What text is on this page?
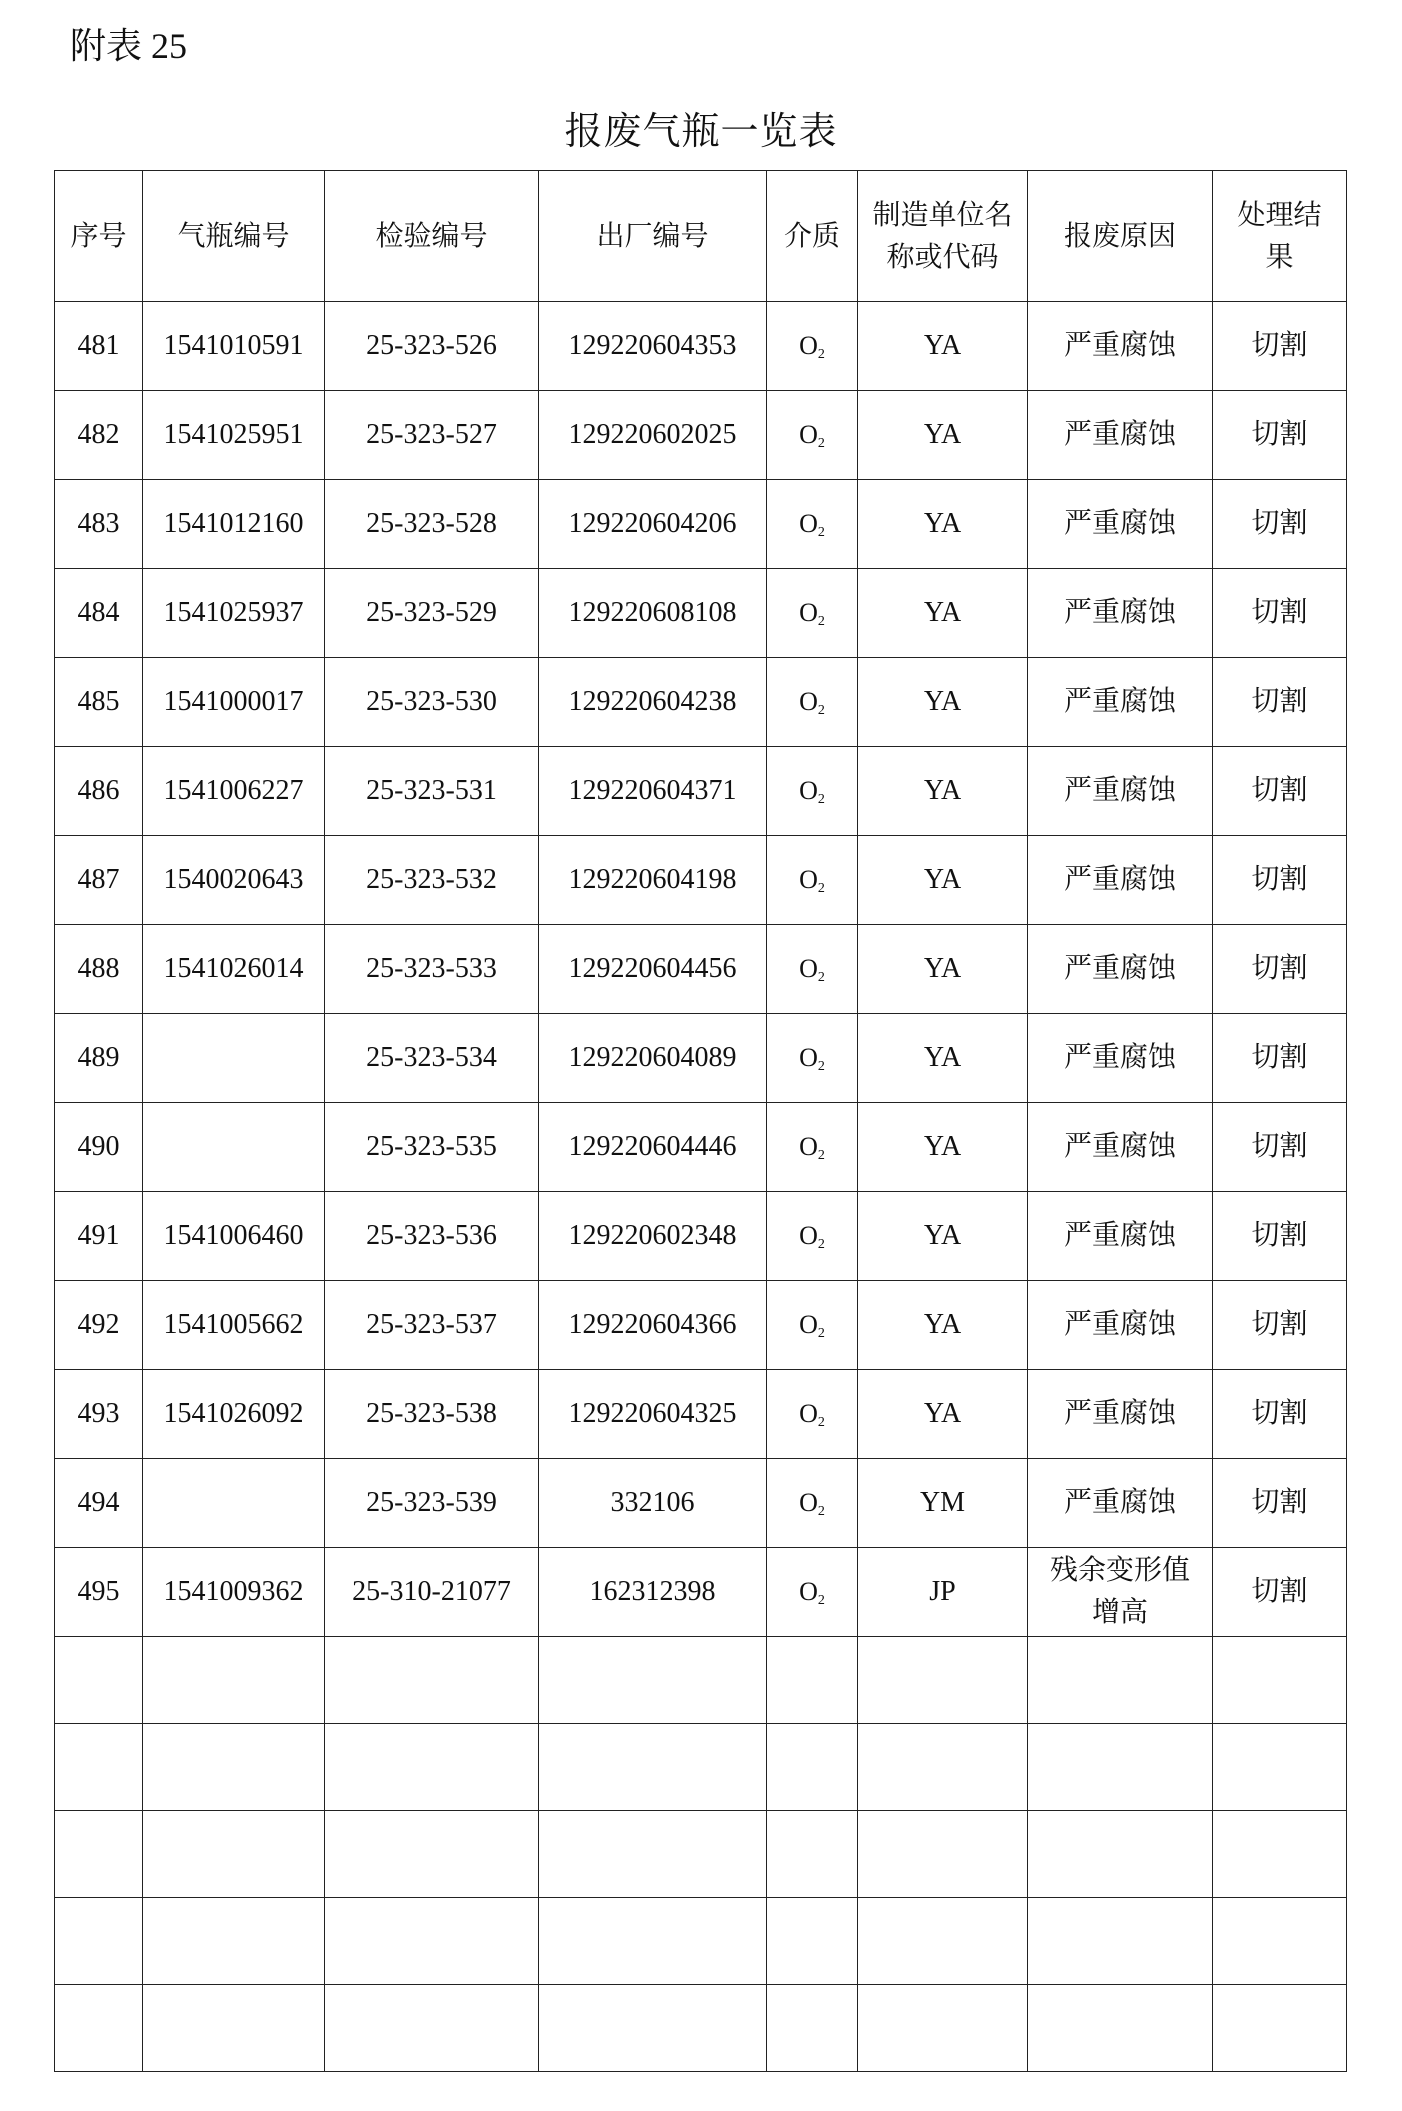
附表 25
报废气瓶一览表
序号	气瓶编号	检验编号	出厂编号	介质	制造单位名称或代码	报废原因	处理结果
481	1541010591	25-323-526	129220604353	$O_2$	YA	严重腐蚀	切割
482	1541025951	25-323-527	129220602025	$O_2$	YA	严重腐蚀	切割
483	1541012160	25-323-528	129220604206	$O_2$	YA	严重腐蚀	切割
484	1541025937	25-323-529	129220608108	$O_2$	YA	严重腐蚀	切割
485	1541000017	25-323-530	129220604238	$O_2$	YA	严重腐蚀	切割
486	1541006227	25-323-531	129220604371	$O_2$	YA	严重腐蚀	切割
487	1540020643	25-323-532	129220604198	$O_2$	YA	严重腐蚀	切割
488	1541026014	25-323-533	129220604456	$O_2$	YA	严重腐蚀	切割
489		25-323-534	129220604089	$O_2$	YA	严重腐蚀	切割
490		25-323-535	129220604446	$O_2$	YA	严重腐蚀	切割
491	1541006460	25-323-536	129220602348	$O_2$	YA	严重腐蚀	切割
492	1541005662	25-323-537	129220604366	$O_2$	YA	严重腐蚀	切割
493	1541026092	25-323-538	129220604325	$O_2$	YA	严重腐蚀	切割
494		25-323-539	332106	$O_2$	YM	严重腐蚀	切割
495	1541009362	25-310-21077	162312398	$O_2$	JP	残余变形值增高	切割
